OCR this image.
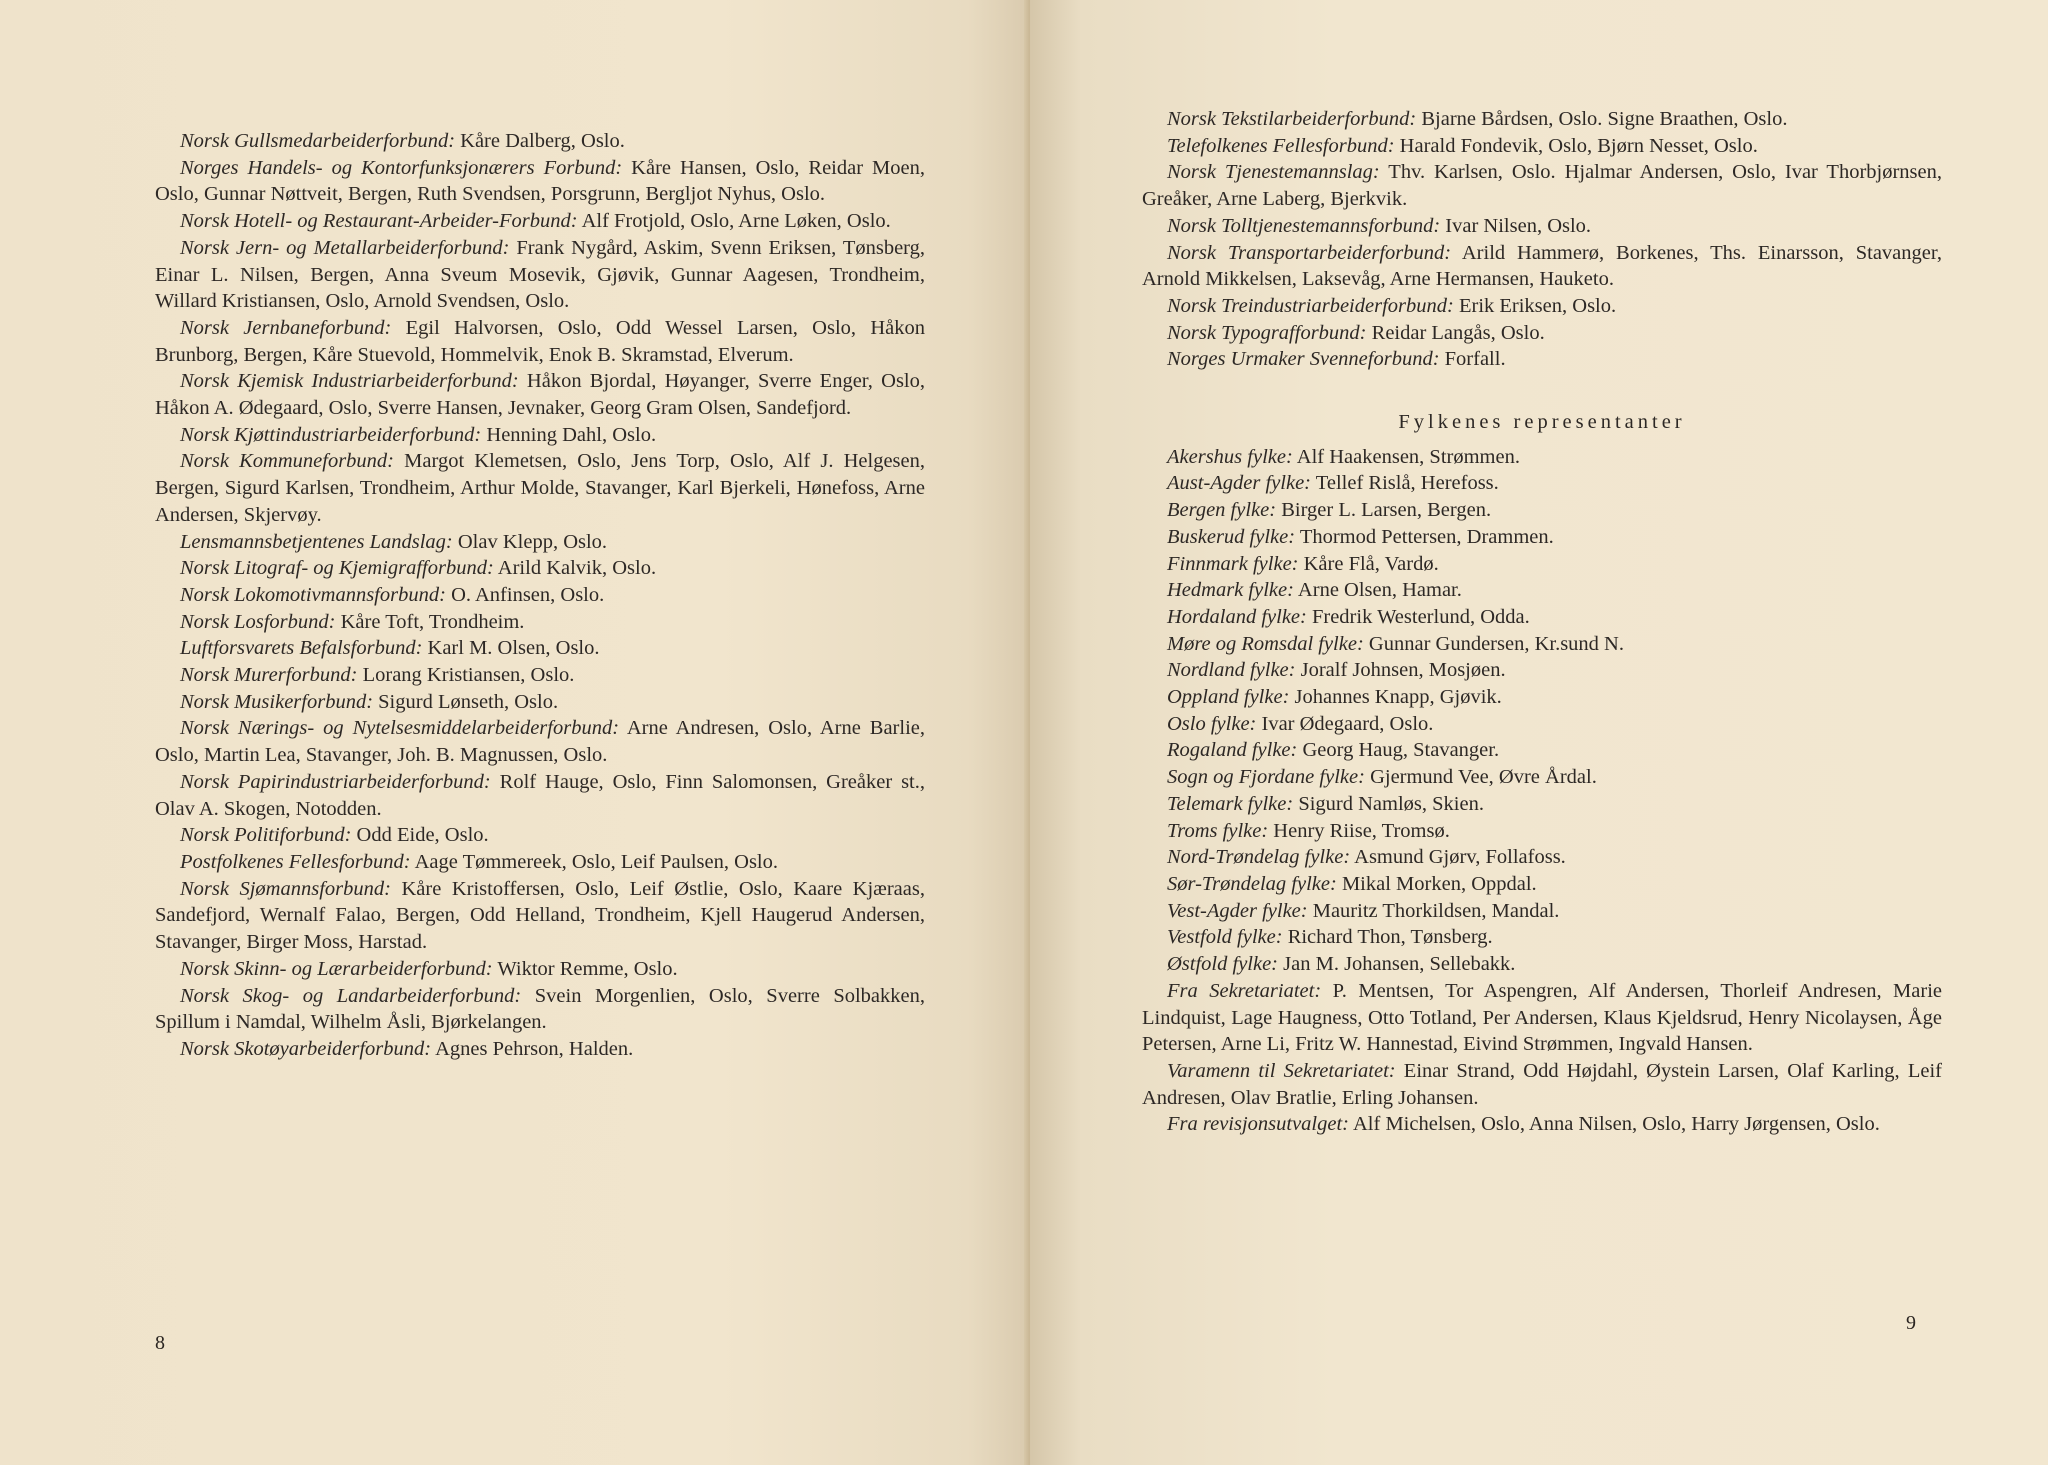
Norsk Gullsmedarbeiderforbund: Kåre Dalberg, Oslo.

Norges Handels- og Kontorfunksjonærers Forbund: Kåre Hansen, Oslo, Reidar Moen, Oslo, Gunnar Nøttveit, Bergen, Ruth Svendsen, Porsgrunn, Bergljot Nyhus, Oslo.

Norsk Hotell- og Restaurant-Arbeider-Forbund: Alf Frotjold, Oslo, Arne Løken, Oslo.

Norsk Jern- og Metallarbeiderforbund: Frank Nygård, Askim, Svenn Eriksen, Tønsberg, Einar L. Nilsen, Bergen, Anna Sveum Mosevik, Gjøvik, Gunnar Aagesen, Trondheim, Willard Kristiansen, Oslo, Arnold Svendsen, Oslo.

Norsk Jernbaneforbund: Egil Halvorsen, Oslo, Odd Wessel Larsen, Oslo, Håkon Brunborg, Bergen, Kåre Stuevold, Hommelvik, Enok B. Skramstad, Elverum.

Norsk Kjemisk Industriarbeiderforbund: Håkon Bjordal, Høyanger, Sverre Enger, Oslo, Håkon A. Ødegaard, Oslo, Sverre Hansen, Jevnaker, Georg Gram Olsen, Sandefjord.

Norsk Kjøttindustriarbeiderforbund: Henning Dahl, Oslo.

Norsk Kommuneforbund: Margot Klemetsen, Oslo, Jens Torp, Oslo, Alf J. Helgesen, Bergen, Sigurd Karlsen, Trondheim, Arthur Molde, Stavanger, Karl Bjerkeli, Hønefoss, Arne Andersen, Skjervøy.

Lensmannsbetjentenes Landslag: Olav Klepp, Oslo.

Norsk Litograf- og Kjemigrafforbund: Arild Kalvik, Oslo.

Norsk Lokomotivmannsforbund: O. Anfinsen, Oslo.

Norsk Losforbund: Kåre Toft, Trondheim.

Luftforsvarets Befalsforbund: Karl M. Olsen, Oslo.

Norsk Murerforbund: Lorang Kristiansen, Oslo.

Norsk Musikerforbund: Sigurd Lønseth, Oslo.

Norsk Nærings- og Nytelsesmiddelarbeiderforbund: Arne Andresen, Oslo, Arne Barlie, Oslo, Martin Lea, Stavanger, Joh. B. Magnussen, Oslo.

Norsk Papirindustriarbeiderforbund: Rolf Hauge, Oslo, Finn Salomonsen, Greåker st., Olav A. Skogen, Notodden.

Norsk Politiforbund: Odd Eide, Oslo.

Postfolkenes Fellesforbund: Aage Tømmereek, Oslo, Leif Paulsen, Oslo.

Norsk Sjømannsforbund: Kåre Kristoffersen, Oslo, Leif Østlie, Oslo, Kaare Kjæraas, Sandefjord, Wernalf Falao, Bergen, Odd Helland, Trondheim, Kjell Haugerud Andersen, Stavanger, Birger Moss, Harstad.

Norsk Skinn- og Lærarbeiderforbund: Wiktor Remme, Oslo.

Norsk Skog- og Landarbeiderforbund: Svein Morgenlien, Oslo, Sverre Solbakken, Spillum i Namdal, Wilhelm Åsli, Bjørkelangen.

Norsk Skotøyarbeiderforbund: Agnes Pehrson, Halden.

8

Norsk Tekstilarbeiderforbund: Bjarne Bårdsen, Oslo. Signe Braathen, Oslo.

Telefolkenes Fellesforbund: Harald Fondevik, Oslo, Bjørn Nesset, Oslo.

Norsk Tjenestemannslag: Thv. Karlsen, Oslo. Hjalmar Andersen, Oslo, Ivar Thorbjørnsen, Greåker, Arne Laberg, Bjerkvik.

Norsk Tolltjenestemannsforbund: Ivar Nilsen, Oslo.

Norsk Transportarbeiderforbund: Arild Hammerø, Borkenes, Ths. Einarsson, Stavanger, Arnold Mikkelsen, Laksevåg, Arne Hermansen, Hauketo.

Norsk Treindustriarbeiderforbund: Erik Eriksen, Oslo.

Norsk Typografforbund: Reidar Langås, Oslo.

Norges Urmaker Svenneforbund: Forfall.

Fylkenes representanter

Akershus fylke: Alf Haakensen, Strømmen.

Aust-Agder fylke: Tellef Rislå, Herefoss.

Bergen fylke: Birger L. Larsen, Bergen.

Buskerud fylke: Thormod Pettersen, Drammen.

Finnmark fylke: Kåre Flå, Vardø.

Hedmark fylke: Arne Olsen, Hamar.

Hordaland fylke: Fredrik Westerlund, Odda.

Møre og Romsdal fylke: Gunnar Gundersen, Kr.sund N.

Nordland fylke: Joralf Johnsen, Mosjøen.

Oppland fylke: Johannes Knapp, Gjøvik.

Oslo fylke: Ivar Ødegaard, Oslo.

Rogaland fylke: Georg Haug, Stavanger.

Sogn og Fjordane fylke: Gjermund Vee, Øvre Årdal.

Telemark fylke: Sigurd Namløs, Skien.

Troms fylke: Henry Riise, Tromsø.

Nord-Trøndelag fylke: Asmund Gjørv, Follafoss.

Sør-Trøndelag fylke: Mikal Morken, Oppdal.

Vest-Agder fylke: Mauritz Thorkildsen, Mandal.

Vestfold fylke: Richard Thon, Tønsberg.

Østfold fylke: Jan M. Johansen, Sellebakk.

Fra Sekretariatet: P. Mentsen, Tor Aspengren, Alf Andersen, Thorleif Andresen, Marie Lindquist, Lage Haugness, Otto Totland, Per Andersen, Klaus Kjeldsrud, Henry Nicolaysen, Åge Petersen, Arne Li, Fritz W. Hannestad, Eivind Strømmen, Ingvald Hansen.

Varamenn til Sekretariatet: Einar Strand, Odd Højdahl, Øystein Larsen, Olaf Karling, Leif Andresen, Olav Bratlie, Erling Johansen.

Fra revisjonsutvalget: Alf Michelsen, Oslo, Anna Nilsen, Oslo, Harry Jørgensen, Oslo.

9
